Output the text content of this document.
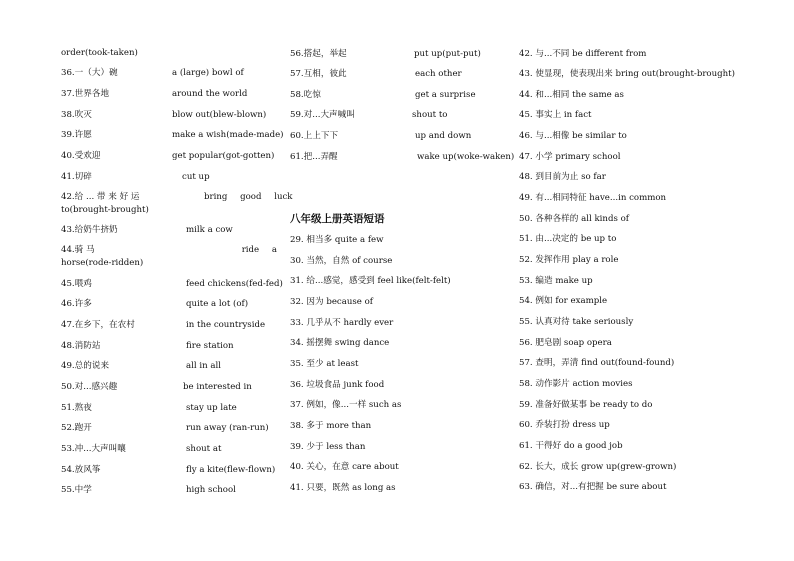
order(took-taken)
36.一（大）碗	a (large) bowl of
37.世界各地	around the world
38.吹灭	blow out(blew-blown)
39.许愿	make a wish(made-made)
40.受欢迎	get popular(got-gotten)
41.切碎	cut up
42.给 ... 带 来 好 运	bring good luck
to(brought-brought)
43.给奶牛挤奶	milk a cow
44.骑 马	ride a
horse(rode-ridden)
45.喂鸡	feed chickens(fed-fed)
46.许多	quite a lot (of)
47.在乡下，在农村	in the countryside
48.消防站	fire station
49.总的说来	all in all
50.对...感兴趣	be interested in
51.熬夜	stay up late
52.跑开	run away (ran-run)
53.冲...大声叫嚷	shout at
54.放风筝	fly a kite(flew-flown)
55.中学	high school
56.搭起，举起	put up(put-put)
57.互相，彼此	each other
58.吃惊	get a surprise
59.对...大声喊叫	shout to
60.上上下下	up and down
61.把...弄醒	wake up(woke-waken)
八年级上册英语短语
29. 相当多 quite a few
30. 当然，自然 of course
31. 给...感觉，感受到 feel like(felt-felt)
32. 因为 because of
33. 几乎从不 hardly ever
34. 摇摆舞 swing dance
35. 至少 at least
36. 垃圾食品 junk food
37. 例如，像...一样 such as
38. 多于 more than
39. 少于 less than
40. 关心，在意 care about
41. 只要，既然 as long as
42. 与...不同 be different from
43. 使显现，使表现出来 bring out(brought-brought)
44. 和...相同 the same as
45. 事实上 in fact
46. 与...相像 be similar to
47. 小学 primary school
48. 到目前为止 so far
49. 有...相同特征 have...in common
50. 各种各样的 all kinds of
51. 由...决定的 be up to
52. 发挥作用 play a role
53. 编造 make up
54. 例如 for example
55. 认真对待 take seriously
56. 肥皂剧 soap opera
57. 查明，弄清 find out(found-found)
58. 动作影片 action movies
59. 准备好做某事 be ready to do
60. 乔装打扮 dress up
61. 干得好 do a good job
62. 长大，成长 grow up(grew-grown)
63. 确信，对...有把握 be sure about
